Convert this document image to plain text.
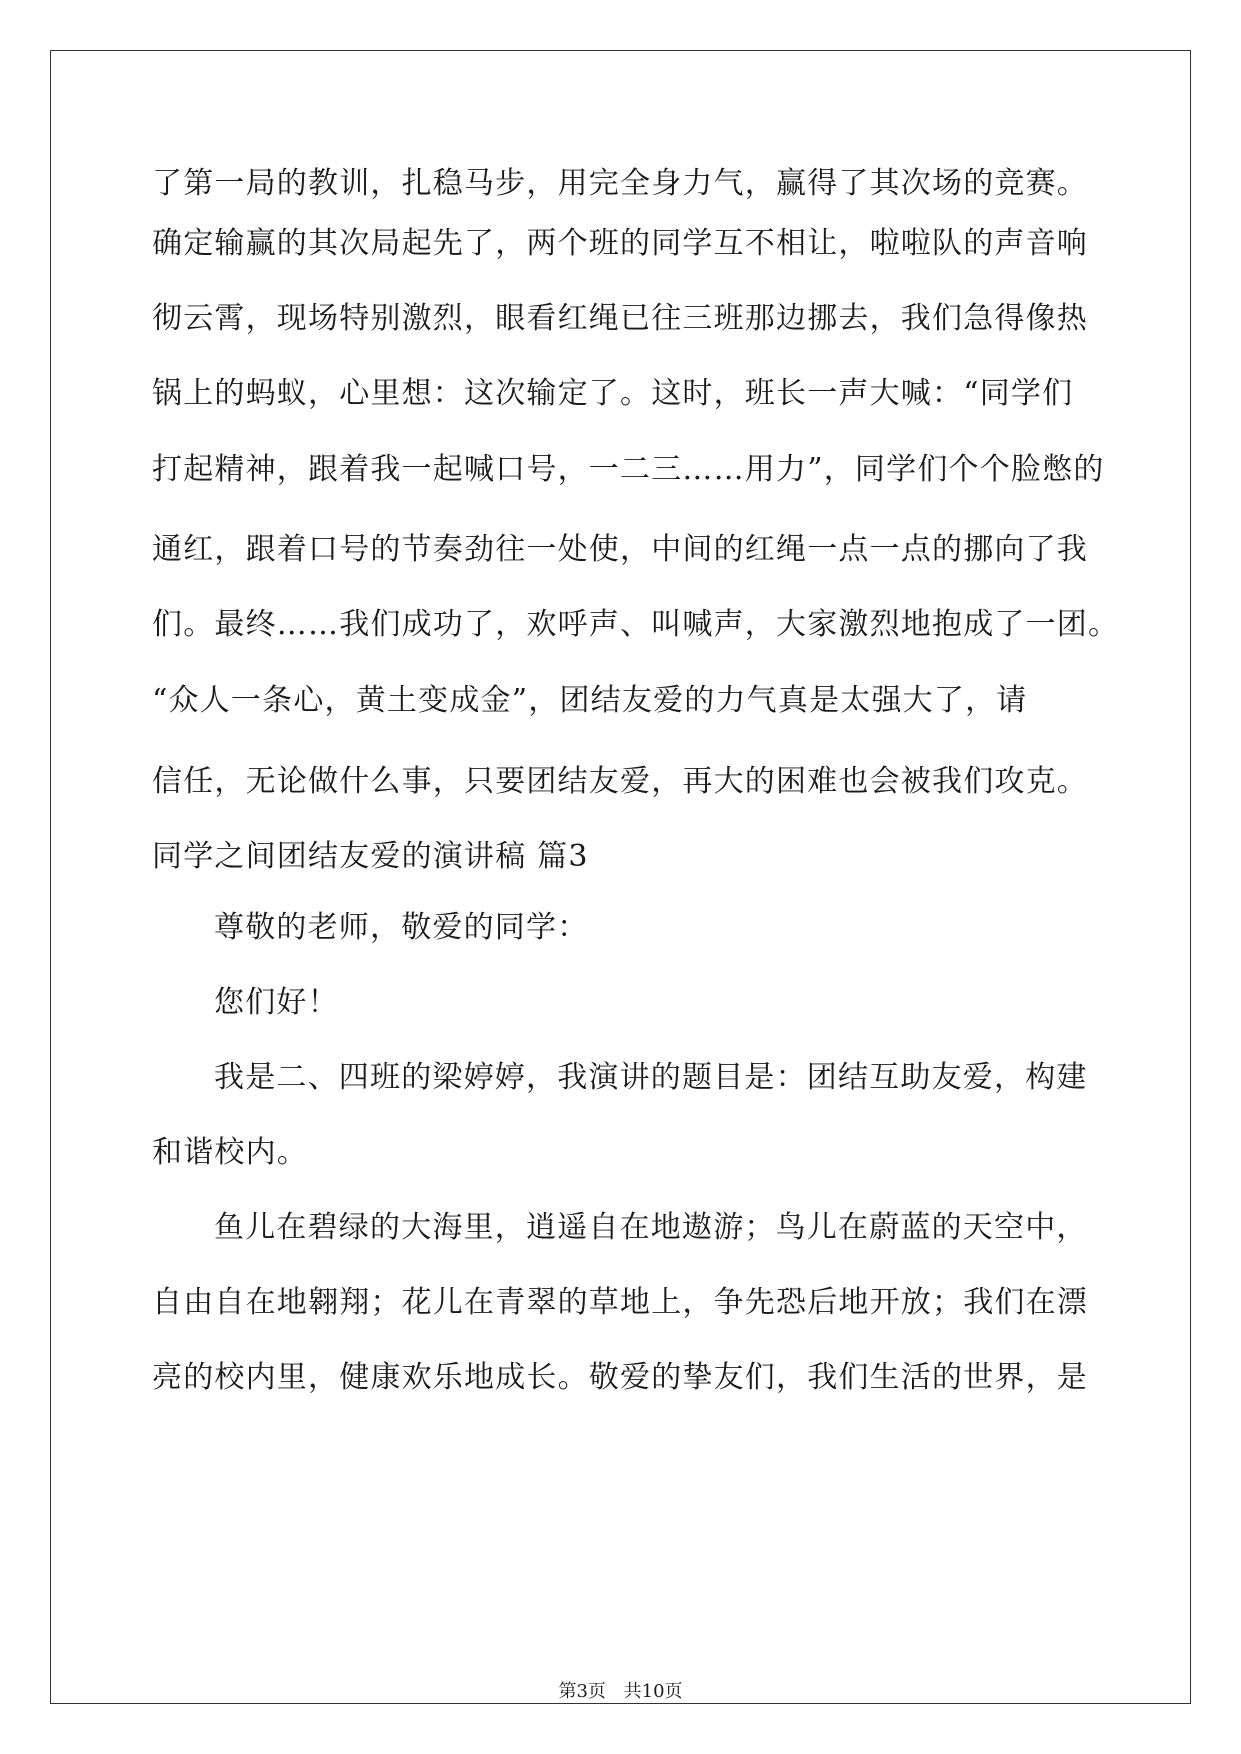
了第一局的教训，扎稳马步，用完全身力气，赢得了其次场的竞赛。
确定输赢的其次局起先了，两个班的同学互不相让，啦啦队的声音响
彻云霄，现场特别激烈，眼看红绳已往三班那边挪去，我们急得像热
锅上的蚂蚁，心里想：这次输定了。这时，班长一声大喊：“同学们
打起精神，跟着我一起喊口号，一二三……用力”，同学们个个脸憋的
通红，跟着口号的节奏劲往一处使，中间的红绳一点一点的挪向了我
们。最终……我们成功了，欢呼声、叫喊声，大家激烈地抱成了一团。
“众人一条心，黄土变成金”，团结友爱的力气真是太强大了，请
信任，无论做什么事，只要团结友爱，再大的困难也会被我们攻克。
同学之间团结友爱的演讲稿 篇3
尊敬的老师，敬爱的同学：
您们好！
我是二、四班的梁婷婷，我演讲的题目是：团结互助友爱，构建
和谐校内。
鱼儿在碧绿的大海里，逍遥自在地遨游；鸟儿在蔚蓝的天空中，
自由自在地翱翔；花儿在青翠的草地上，争先恐后地开放；我们在漂
亮的校内里，健康欢乐地成长。敬爱的挚友们，我们生活的世界，是
第3页 共10页
